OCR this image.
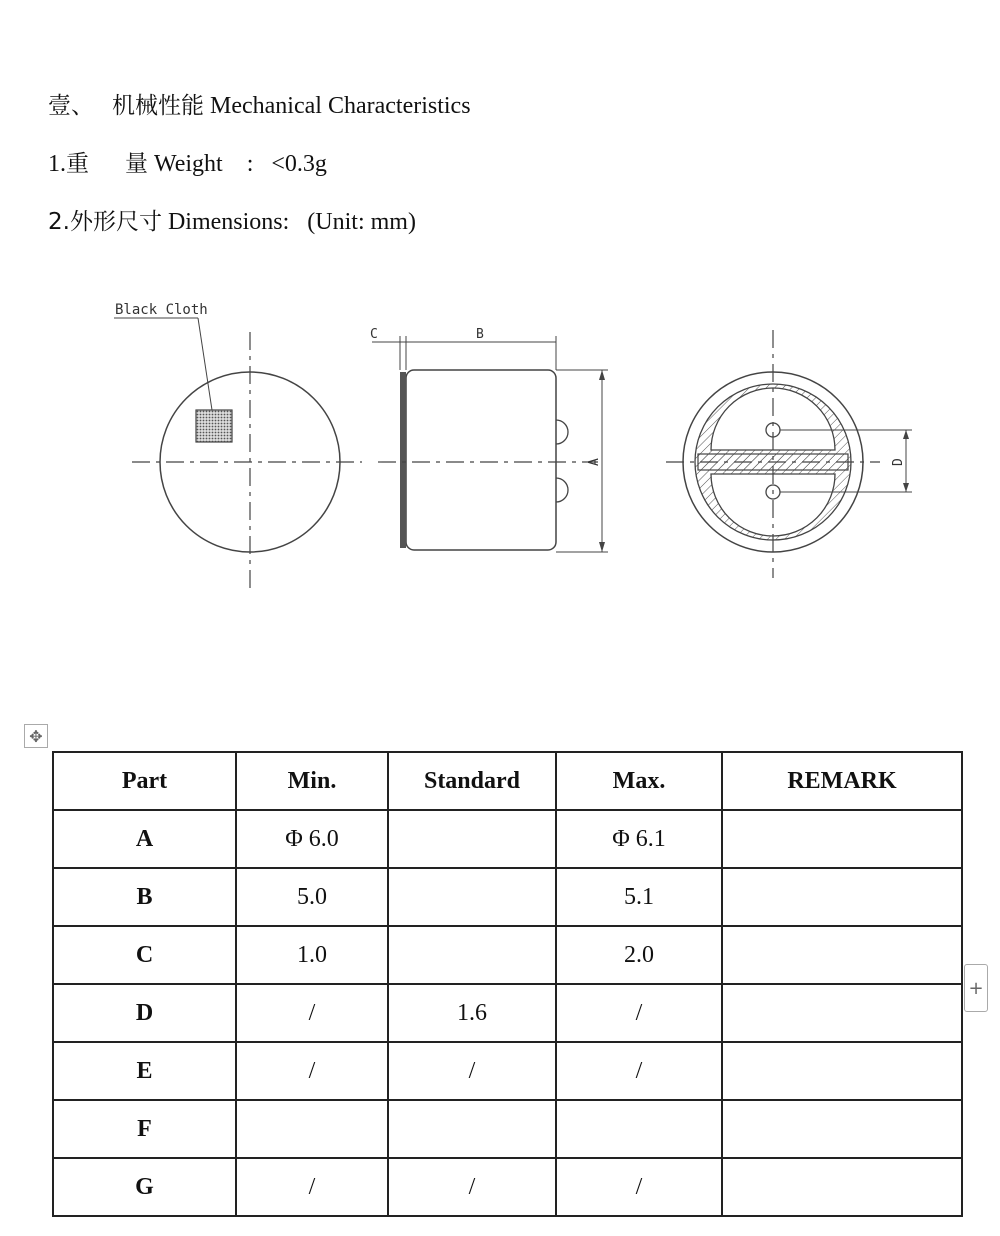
壹、 机械性能 Mechanical Characteristics

1.重 量 Weight : <0.3g

2.外形尺寸 Dimensions: (Unit: mm)

Black Cloth
B
C
A	D
✥
+
Part	Min.	Standard	Max.	REMARK
A	Φ 6.0		Φ 6.1	
B	5.0		5.1	
C	1.0		2.0	
D	/	1.6	/	
E	/	/	/	
F				
G	/	/	/	
